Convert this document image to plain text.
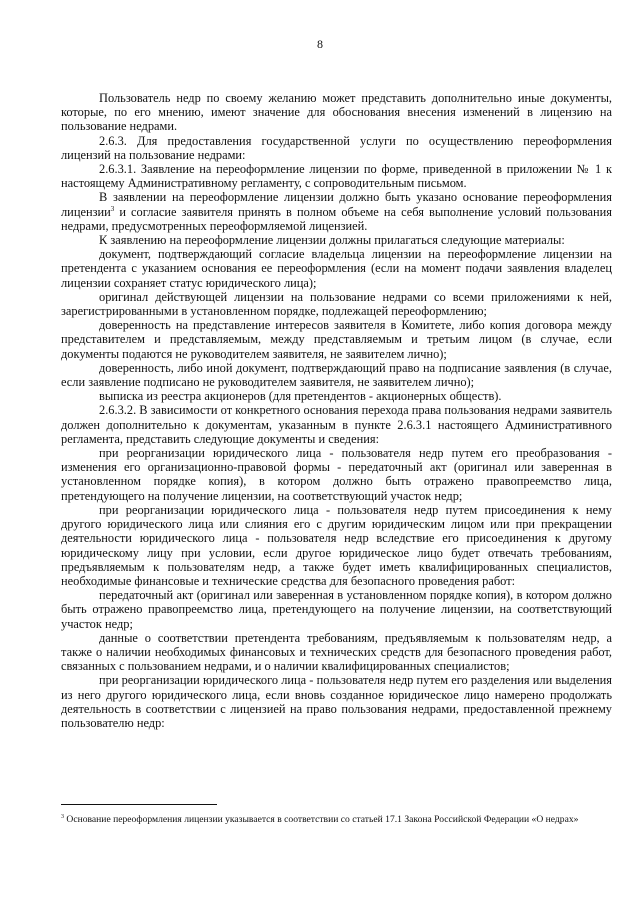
8

Пользователь недр по своему желанию может представить дополнительно иные документы, которые, по его мнению, имеют значение для обоснования внесения изменений в лицензию на пользование недрами.

2.6.3. Для предоставления государственной услуги по осуществлению переоформления лицензий на пользование недрами:

2.6.3.1. Заявление на переоформление лицензии по форме, приведенной в приложении № 1 к настоящему Административному регламенту, с сопроводительным письмом.

В заявлении на переоформление лицензии должно быть указано основание переоформления лицензии$^3$ и согласие заявителя принять в полном объеме на себя выполнение условий пользования недрами, предусмотренных переоформляемой лицензией.

К заявлению на переоформление лицензии должны прилагаться следующие материалы:

документ, подтверждающий согласие владельца лицензии на переоформление лицензии на претендента с указанием основания ее переоформления (если на момент подачи заявления владелец лицензии сохраняет статус юридического лица);

оригинал действующей лицензии на пользование недрами со всеми приложениями к ней, зарегистрированными в установленном порядке, подлежащей переоформлению;

доверенность на представление интересов заявителя в Комитете, либо копия договора между представителем и представляемым, между представляемым и третьим лицом (в случае, если документы подаются не руководителем заявителя, не заявителем лично);

доверенность, либо иной документ, подтверждающий право на подписание заявления (в случае, если заявление подписано не руководителем заявителя, не заявителем лично);

выписка из реестра акционеров (для претендентов - акционерных обществ).

2.6.3.2. В зависимости от конкретного основания перехода права пользования недрами заявитель должен дополнительно к документам, указанным в пункте 2.6.3.1 настоящего Административного регламента, представить следующие документы и сведения:

при реорганизации юридического лица - пользователя недр путем его преобразования - изменения его организационно-правовой формы - передаточный акт (оригинал или заверенная в установленном порядке копия), в котором должно быть отражено правопреемство лица, претендующего на получение лицензии, на соответствующий участок недр;

при реорганизации юридического лица - пользователя недр путем присоединения к нему другого юридического лица или слияния его с другим юридическим лицом или при прекращении деятельности юридического лица - пользователя недр вследствие его присоединения к другому юридическому лицу при условии, если другое юридическое лицо будет отвечать требованиям, предъявляемым к пользователям недр, а также будет иметь квалифицированных специалистов, необходимые финансовые и технические средства для безопасного проведения работ:

передаточный акт (оригинал или заверенная в установленном порядке копия), в котором должно быть отражено правопреемство лица, претендующего на получение лицензии, на соответствующий участок недр;

данные о соответствии претендента требованиям, предъявляемым к пользователям недр, а также о наличии необходимых финансовых и технических средств для безопасного проведения работ, связанных с пользованием недрами, и о наличии квалифицированных специалистов;

при реорганизации юридического лица - пользователя недр путем его разделения или выделения из него другого юридического лица, если вновь созданное юридическое лицо намерено продолжать деятельность в соответствии с лицензией на право пользования недрами, предоставленной прежнему пользователю недр:

$^3$ Основание переоформления лицензии указывается в соответствии со статьей 17.1 Закона Российской Федерации «О недрах»
